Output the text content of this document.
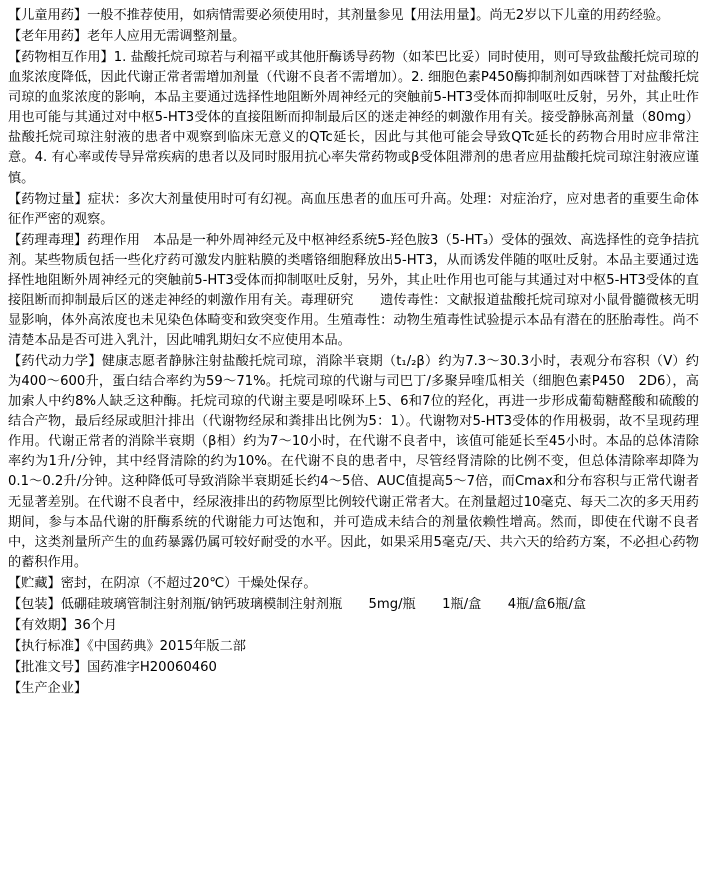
【儿童用药】一般不推荐使用，如病情需要必须使用时，其剂量参见【用法用量】。尚无2岁以下儿童的用药经验。

【老年用药】老年人应用无需调整剂量。

【药物相互作用】1. 盐酸托烷司琼若与利福平或其他肝酶诱导药物（如苯巴比妥）同时使用，则可导致盐酸托烷司琼的血浆浓度降低，因此代谢正常者需增加剂量（代谢不良者不需增加）。2. 细胞色素P450酶抑制剂如西咪替丁对盐酸托烷司琼的血浆浓度的影响，本品主要通过选择性地阻断外周神经元的突触前5-HT3受体而抑制呕吐反射，另外，其止吐作用也可能与其通过对中枢5-HT3受体的直接阻断而抑制最后区的迷走神经的刺激作用有关。接受静脉高剂量（80mg）盐酸托烷司琼注射液的患者中观察到临床无意义的QTc延长，因此与其他可能会导致QTc延长的药物合用时应非常注意。4. 有心率或传导异常疾病的患者以及同时服用抗心率失常药物或β受体阻滞剂的患者应用盐酸托烷司琼注射液应谨慎。

【药物过量】症状：多次大剂量使用时可有幻视。高血压患者的血压可升高。处理：对症治疗，应对患者的重要生命体征作严密的观察。

【药理毒理】药理作用　本品是一种外周神经元及中枢神经系统5-羟色胺3（5-HT₃）受体的强效、高选择性的竞争拮抗剂。某些物质包括一些化疗药可激发内脏粘膜的类嗜铬细胞释放出5-HT3，从而诱发伴随的呕吐反射。本品主要通过选择性地阻断外周神经元的突触前5-HT3受体而抑制呕吐反射，另外，其止吐作用也可能与其通过对中枢5-HT3受体的直接阻断而抑制最后区的迷走神经的刺激作用有关。毒理研究　　遗传毒性：文献报道盐酸托烷司琼对小鼠骨髓微核无明显影响，体外高浓度也未见染色体畸变和致突变作用。生殖毒性：动物生殖毒性试验提示本品有潜在的胚胎毒性。尚不清楚本品是否可进入乳汁，因此哺乳期妇女不应使用本品。

【药代动力学】健康志愿者静脉注射盐酸托烷司琼，消除半衰期（t₁/₂β）约为7.3～30.3小时，表观分布容积（V）约为400～600升，蛋白结合率约为59～71%。托烷司琼的代谢与司巴丁/多聚异喹瓜相关（细胞色素P450　2D6），高加索人中约8%人缺乏这种酶。托烷司琼的代谢主要是吲哚环上5、6和7位的羟化，再进一步形成葡萄糖醛酸和硫酸的结合产物，最后经尿或胆汁排出（代谢物经尿和粪排出比例为5：1）。代谢物对5-HT3受体的作用极弱，故不呈现药理作用。代谢正常者的消除半衰期（β相）约为7～10小时，在代谢不良者中，该值可能延长至45小时。本品的总体清除率约为1升/分钟，其中经肾清除的约为10%。在代谢不良的患者中，尽管经肾清除的比例不变，但总体清除率却降为0.1～0.2升/分钟。这种降低可导致消除半衰期延长约4～5倍、AUC值提高5～7倍，而Cmax和分布容积与正常代谢者无显著差别。在代谢不良者中，经尿液排出的药物原型比例较代谢正常者大。在剂量超过10毫克、每天二次的多天用药期间，参与本品代谢的肝酶系统的代谢能力可达饱和，并可造成未结合的剂量依赖性增高。然而，即使在代谢不良者中，这类剂量所产生的血药暴露仍属可较好耐受的水平。因此，如果采用5毫克/天、共六天的给药方案，不必担心药物的蓄积作用。

【贮藏】密封，在阴凉（不超过20℃）干燥处保存。

【包装】低硼硅玻璃管制注射剂瓶/钠钙玻璃模制注射剂瓶　　5mg/瓶　　1瓶/盒　　4瓶/盒6瓶/盒

【有效期】36个月

【执行标准】《中国药典》2015年版二部

【批准文号】国药准字H20060460

【生产企业】
